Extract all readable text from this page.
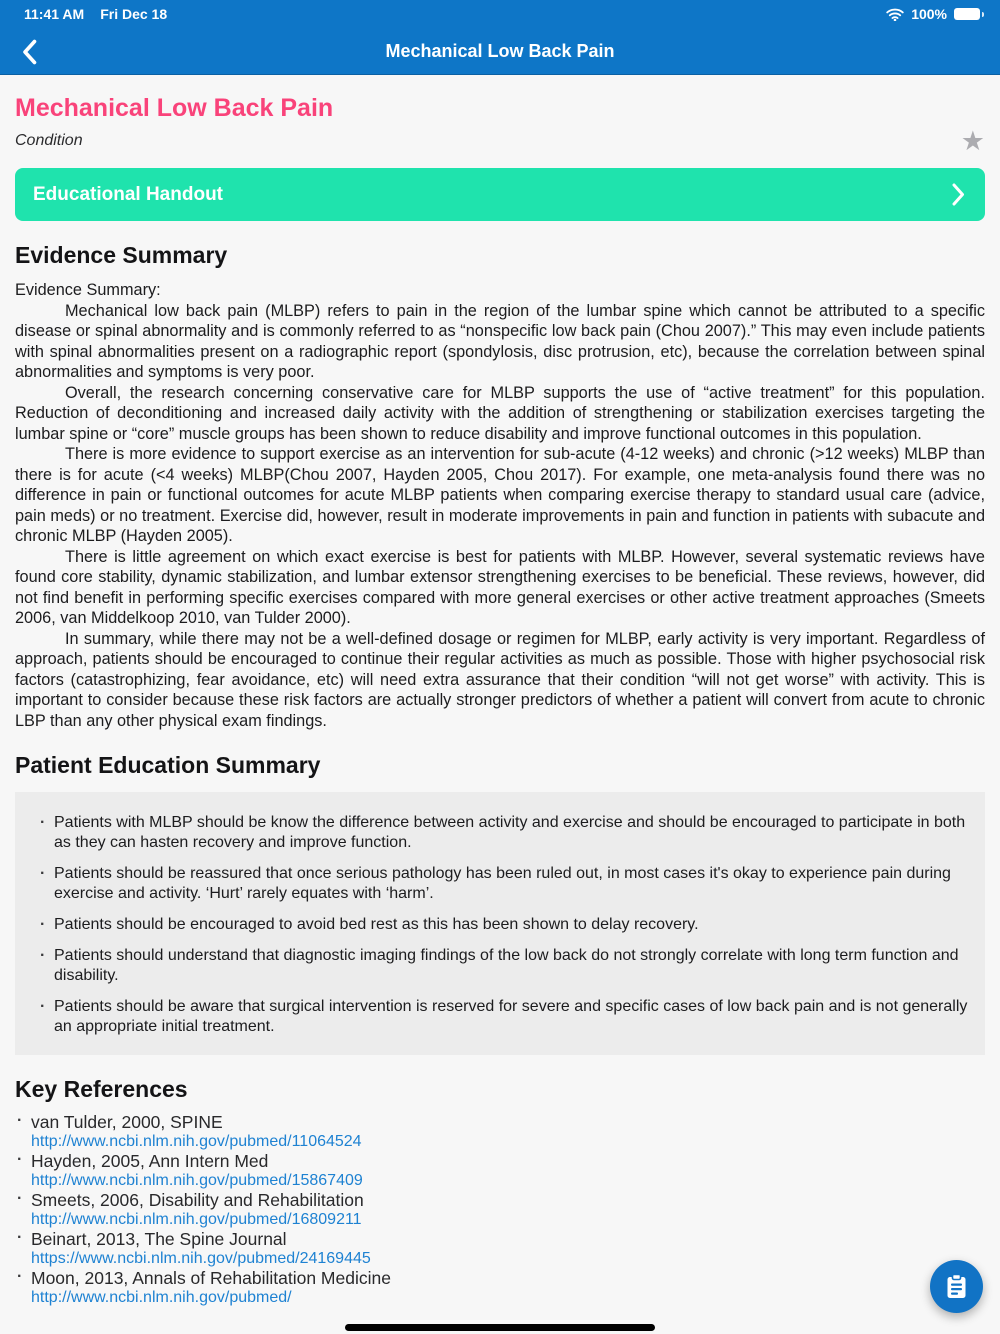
11:41 AM Fri Dec 18	100%
Mechanical Low Back Pain
Mechanical Low Back Pain
Condition	★
Educational Handout
Evidence Summary

Evidence Summary:

Mechanical low back pain (MLBP) refers to pain in the region of the lumbar spine which cannot be attributed to a specific disease or spinal abnormality and is commonly referred to as “nonspecific low back pain (Chou 2007).” This may even include patients with spinal abnormalities present on a radiographic report (spondylosis, disc protrusion, etc), because the correlation between spinal abnormalities and symptoms is very poor.

Overall, the research concerning conservative care for MLBP supports the use of “active treatment” for this population. Reduction of deconditioning and increased daily activity with the addition of strengthening or stabilization exercises targeting the lumbar spine or “core” muscle groups has been shown to reduce disability and improve functional outcomes in this population.

There is more evidence to support exercise as an intervention for sub-acute (4-12 weeks) and chronic (>12 weeks) MLBP than there is for acute (<4 weeks) MLBP(Chou 2007, Hayden 2005, Chou 2017). For example, one meta-analysis found there was no difference in pain or functional outcomes for acute MLBP patients when comparing exercise therapy to standard usual care (advice, pain meds) or no treatment. Exercise did, however, result in moderate improvements in pain and function in patients with subacute and chronic MLBP (Hayden 2005).

There is little agreement on which exact exercise is best for patients with MLBP. However, several systematic reviews have found core stability, dynamic stabilization, and lumbar extensor strengthening exercises to be beneficial. These reviews, however, did not find benefit in performing specific exercises compared with more general exercises or other active treatment approaches (Smeets 2006, van Middelkoop 2010, van Tulder 2000).

In summary, while there may not be a well-defined dosage or regimen for MLBP, early activity is very important. Regardless of approach, patients should be encouraged to continue their regular activities as much as possible. Those with higher psychosocial risk factors (catastrophizing, fear avoidance, etc) will need extra assurance that their condition “will not get worse” with activity. This is important to consider because these risk factors are actually stronger predictors of whether a patient will convert from acute to chronic LBP than any other physical exam findings.

Patient Education Summary
· Patients with MLBP should be know the difference between activity and exercise and should be encouraged to participate in both as they can hasten recovery and improve function.
· Patients should be reassured that once serious pathology has been ruled out, in most cases it's okay to experience pain during exercise and activity. ‘Hurt’ rarely equates with ‘harm’.
· Patients should be encouraged to avoid bed rest as this has been shown to delay recovery.
· Patients should understand that diagnostic imaging findings of the low back do not strongly correlate with long term function and disability.
· Patients should be aware that surgical intervention is reserved for severe and specific cases of low back pain and is not generally an appropriate initial treatment.
Key References
· van Tulder, 2000, SPINE
http://www.ncbi.nlm.nih.gov/pubmed/11064524
· Hayden, 2005, Ann Intern Med
http://www.ncbi.nlm.nih.gov/pubmed/15867409
· Smeets, 2006, Disability and Rehabilitation
http://www.ncbi.nlm.nih.gov/pubmed/16809211
· Beinart, 2013, The Spine Journal
https://www.ncbi.nlm.nih.gov/pubmed/24169445
· Moon, 2013, Annals of Rehabilitation Medicine
http://www.ncbi.nlm.nih.gov/pubmed/
